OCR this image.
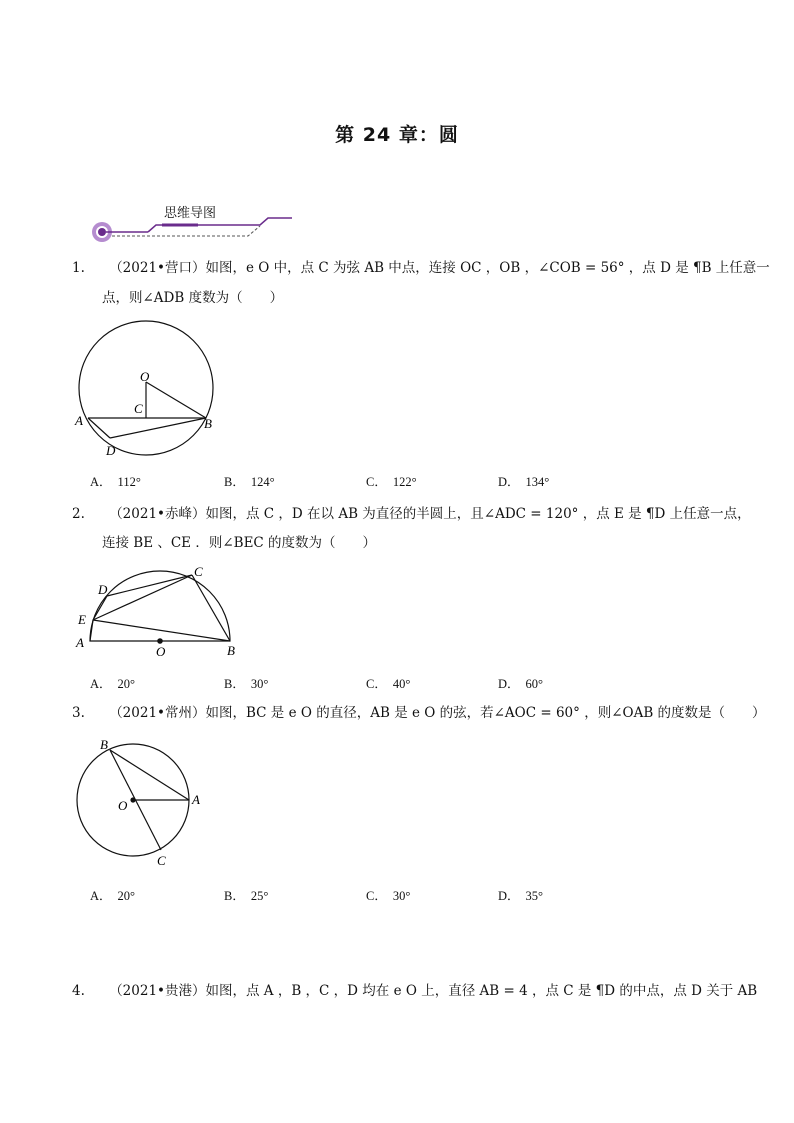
第 24 章：圆
思维导图
1. （2021•营口）如图，e O 中，点 C 为弦 AB 中点，连接 OC ，OB ，∠COB = 56° ，点 D 是 ¶B 上任意一
点，则∠ADB 度数为（　　）
O
C
A	B
D
A． 112°	B． 124°	C． 122°	D． 134°
2. （2021•赤峰）如图，点 C ，D 在以 AB 为直径的半圆上，且∠ADC = 120° ，点 E 是 ¶D 上任意一点，
连接 BE 、CE ．则∠BEC 的度数为（　　）
A
B
C
D
E
O
A． 20°	B． 30°	C． 40°	D． 60°
3. （2021•常州）如图，BC 是 e O 的直径，AB 是 e O 的弦，若∠AOC = 60° ，则∠OAB 的度数是（　　）
B
A
C
O
A． 20°	B． 25°	C． 30°	D． 35°
4. （2021•贵港）如图，点 A ，B ，C ，D 均在 e O 上，直径 AB = 4 ，点 C 是 ¶D 的中点，点 D 关于 AB
